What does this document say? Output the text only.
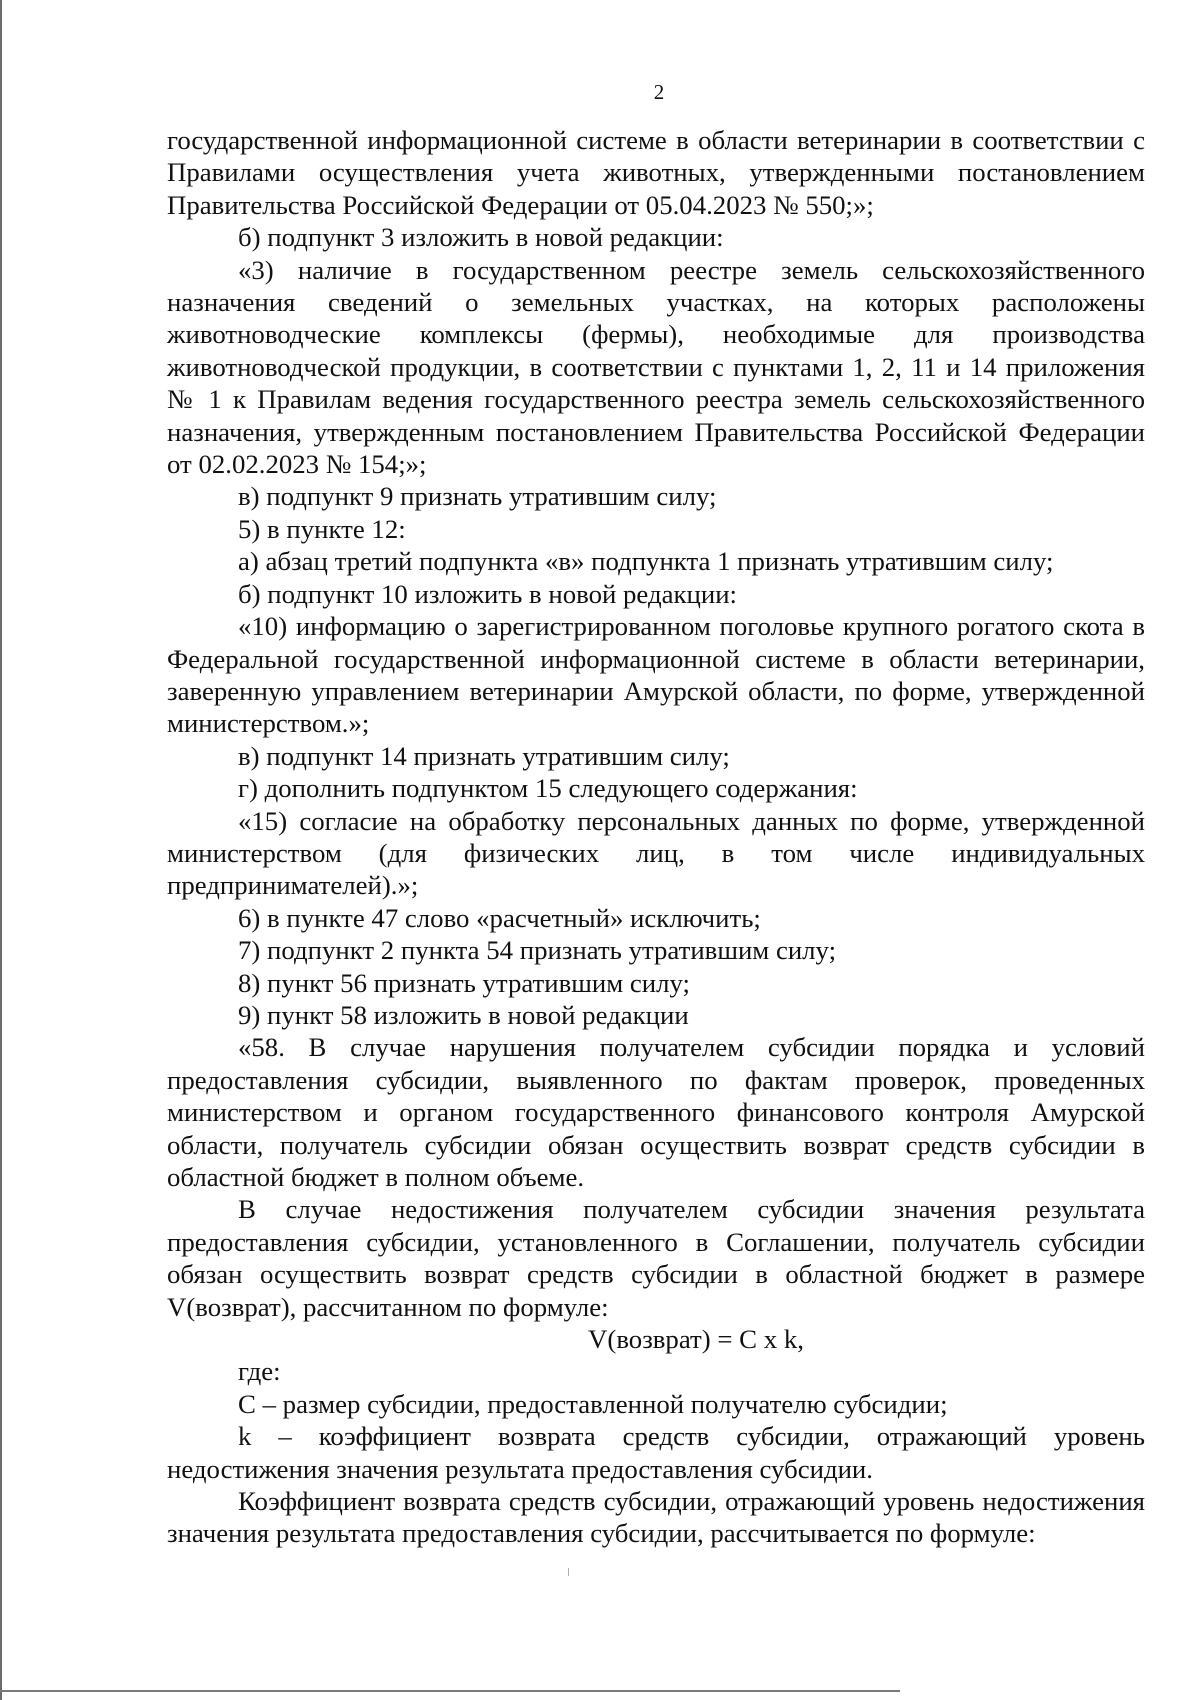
2

государственной информационной системе в области ветеринарии в соответствии с Правилами осуществления учета животных, утвержденными постановлением Правительства Российской Федерации от 05.04.2023 № 550;»;

б) подпункт 3 изложить в новой редакции:

«3) наличие в государственном реестре земель сельскохозяйственного назначения сведений о земельных участках, на которых расположены животноводческие комплексы (фермы), необходимые для производства животноводческой продукции, в соответствии с пунктами 1, 2, 11 и 14 приложения № 1 к Правилам ведения государственного реестра земель сельскохозяйственного назначения, утвержденным постановлением Правительства Российской Федерации от 02.02.2023 № 154;»;

в) подпункт 9 признать утратившим силу;

5) в пункте 12:

а) абзац третий подпункта «в» подпункта 1 признать утратившим силу;

б) подпункт 10 изложить в новой редакции:

«10) информацию о зарегистрированном поголовье крупного рогатого скота в Федеральной государственной информационной системе в области ветеринарии, заверенную управлением ветеринарии Амурской области, по форме, утвержденной министерством.»;

в) подпункт 14 признать утратившим силу;

г) дополнить подпунктом 15 следующего содержания:

«15) согласие на обработку персональных данных по форме, утвержденной министерством (для физических лиц, в том числе индивидуальных предпринимателей).»;

6) в пункте 47 слово «расчетный» исключить;

7) подпункт 2 пункта 54 признать утратившим силу;

8) пункт 56 признать утратившим силу;

9) пункт 58 изложить в новой редакции

«58. В случае нарушения получателем субсидии порядка и условий предоставления субсидии, выявленного по фактам проверок, проведенных министерством и органом государственного финансового контроля Амурской области, получатель субсидии обязан осуществить возврат средств субсидии в областной бюджет в полном объеме.

В случае недостижения получателем субсидии значения результата предоставления субсидии, установленного в Соглашении, получатель субсидии обязан осуществить возврат средств субсидии в областной бюджет в размере V(возврат), рассчитанном по формуле:

V(возврат) = C x k,

где:

C – размер субсидии, предоставленной получателю субсидии;

k – коэффициент возврата средств субсидии, отражающий уровень недостижения значения результата предоставления субсидии.

Коэффициент возврата средств субсидии, отражающий уровень недостижения значения результата предоставления субсидии, рассчитывается по формуле:
